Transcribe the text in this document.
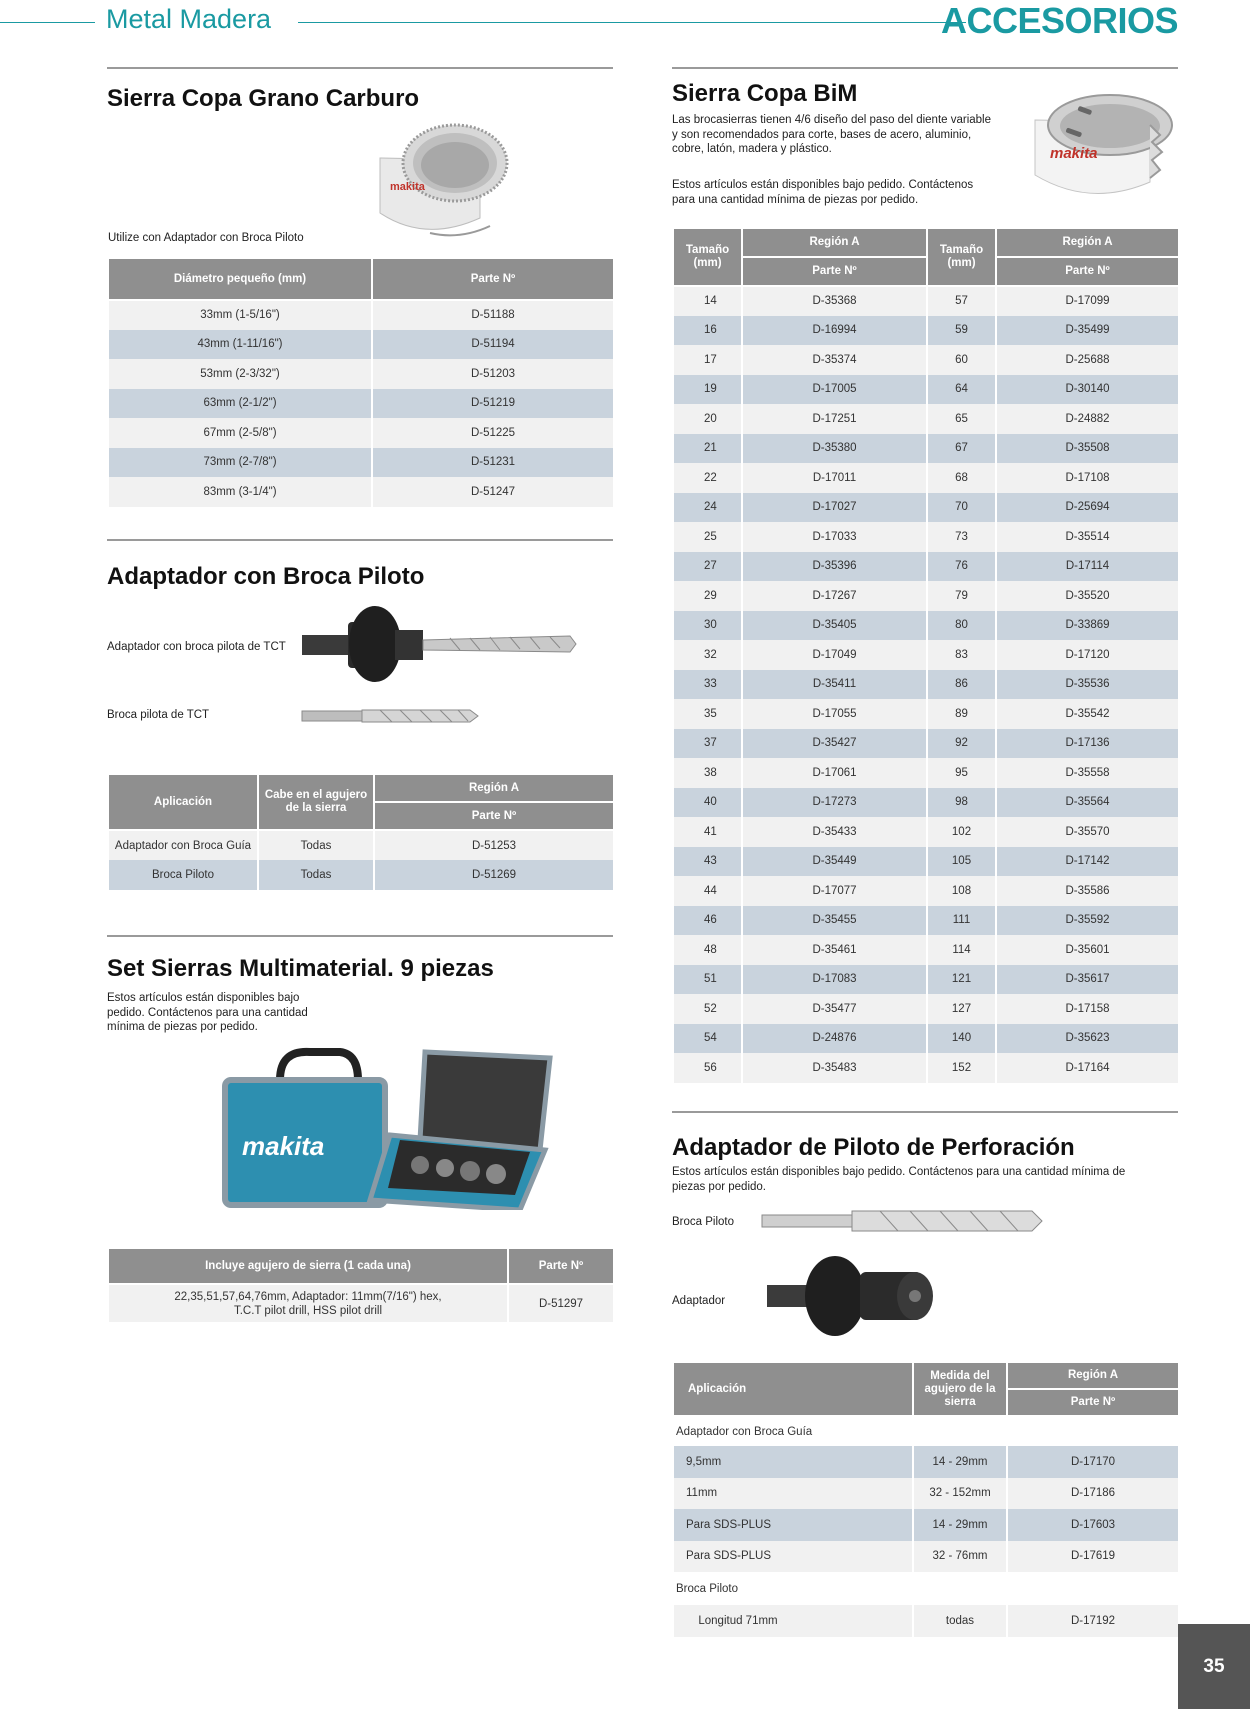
Metal Madera	ACCESORIOS
Sierra Copa Grano Carburo
makita
Utilize con Adaptador con Broca Piloto
Diámetro pequeño (mm)	Parte Nº
33mm (1-5/16")	D-51188
43mm (1-11/16")	D-51194
53mm (2-3/32")	D-51203
63mm (2-1/2")	D-51219
67mm (2-5/8")	D-51225
73mm (2-7/8")	D-51231
83mm (3-1/4")	D-51247
Adaptador con Broca Piloto
Adaptador con broca pilota de TCT
Broca pilota de TCT
Aplicación	Cabe en el agujero de la sierra	Región A
		Parte Nº
Adaptador con Broca Guía	Todas	D-51253
Broca Piloto	Todas	D-51269
Set Sierras Multimaterial. 9 piezas
Estos artículos están disponibles bajo pedido. Contáctenos para una cantidad mínima de piezas por pedido.
makita
Incluye agujero de sierra (1 cada una)	Parte Nº
22,35,51,57,64,76mm, Adaptador: 11mm(7/16") hex,
T.C.T pilot drill, HSS pilot drill	D-51297
Sierra Copa BiM
Las brocasierras tienen 4/6 diseño del paso del diente variable y son recomendados para corte, bases de acero, aluminio, cobre, latón, madera y plástico.
Estos artículos están disponibles bajo pedido. Contáctenos para una cantidad mínima de piezas por pedido.
makita
Tamaño (mm)	Región A	Tamaño (mm)	Región A
	Parte Nº		Parte Nº
14	D-35368	57	D-17099
16	D-16994	59	D-35499
17	D-35374	60	D-25688
19	D-17005	64	D-30140
20	D-17251	65	D-24882
21	D-35380	67	D-35508
22	D-17011	68	D-17108
24	D-17027	70	D-25694
25	D-17033	73	D-35514
27	D-35396	76	D-17114
29	D-17267	79	D-35520
30	D-35405	80	D-33869
32	D-17049	83	D-17120
33	D-35411	86	D-35536
35	D-17055	89	D-35542
37	D-35427	92	D-17136
38	D-17061	95	D-35558
40	D-17273	98	D-35564
41	D-35433	102	D-35570
43	D-35449	105	D-17142
44	D-17077	108	D-35586
46	D-35455	111	D-35592
48	D-35461	114	D-35601
51	D-17083	121	D-35617
52	D-35477	127	D-17158
54	D-24876	140	D-35623
56	D-35483	152	D-17164
Adaptador de Piloto de Perforación
Estos artículos están disponibles bajo pedido. Contáctenos para una cantidad mínima de piezas por pedido.
Broca Piloto
Adaptador
Aplicación	Medida del agujero de la sierra	Región A
		Parte Nº
Adaptador con Broca Guía		
9,5mm	14 - 29mm	D-17170
11mm	32 - 152mm	D-17186
Para SDS-PLUS	14 - 29mm	D-17603
Para SDS-PLUS	32 - 76mm	D-17619
Broca Piloto		
Longitud 71mm	todas	D-17192
35
